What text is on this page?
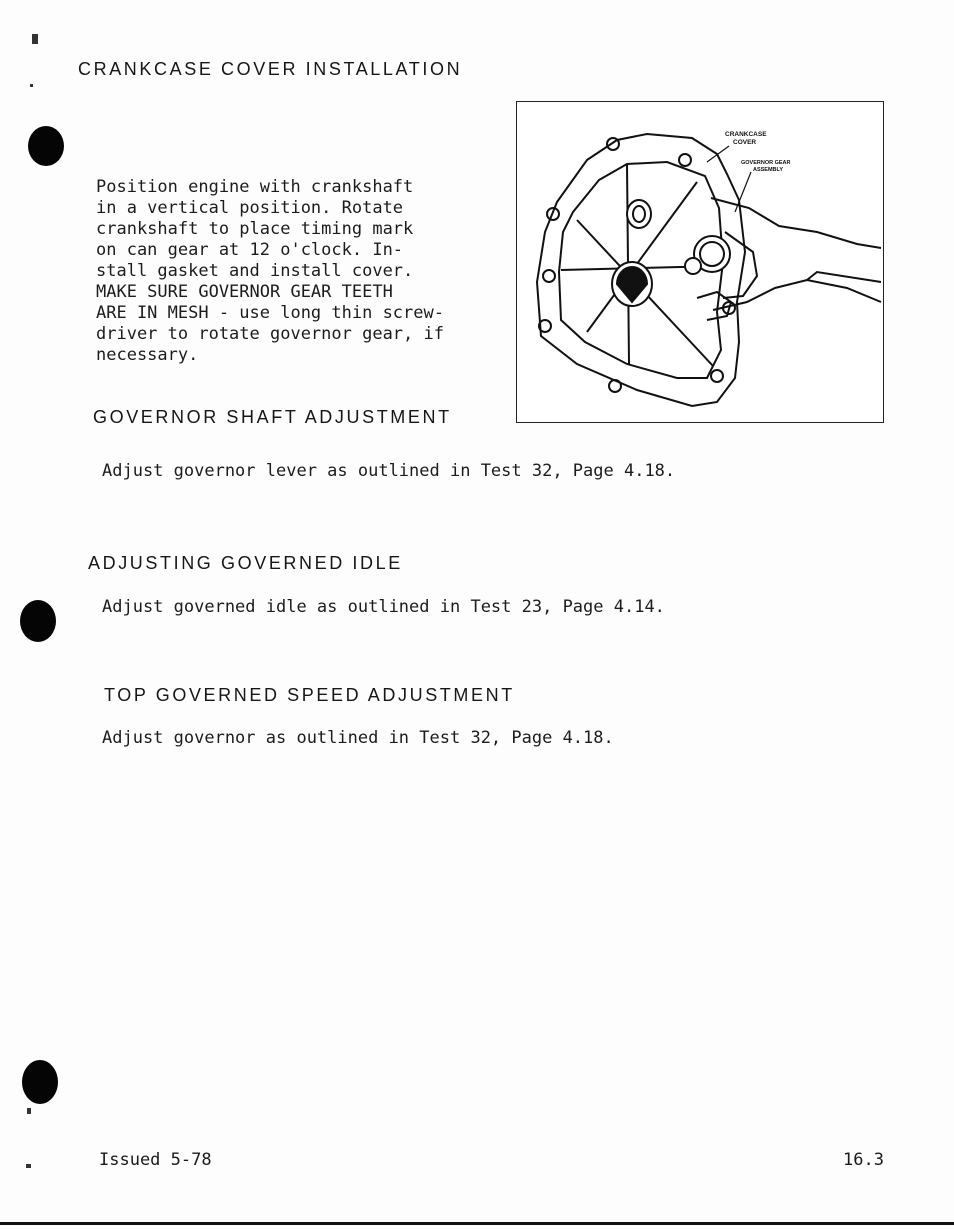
CRANKCASE COVER INSTALLATION
Position engine with crankshaft
in a vertical position. Rotate
crankshaft to place timing mark
on can gear at 12 o'clock. In-
stall gasket and install cover.
MAKE SURE GOVERNOR GEAR TEETH
ARE IN MESH - use long thin screw-
driver to rotate governor gear, if
necessary.
CRANKCASE COVER
GOVERNOR GEAR ASSEMBLY
GOVERNOR SHAFT ADJUSTMENT

Adjust governor lever as outlined in Test 32, Page 4.18.

ADJUSTING GOVERNED IDLE

Adjust governed idle as outlined in Test 23, Page 4.14.

TOP GOVERNED SPEED ADJUSTMENT

Adjust governor as outlined in Test 32, Page 4.18.

Issued 5-78	16.3
